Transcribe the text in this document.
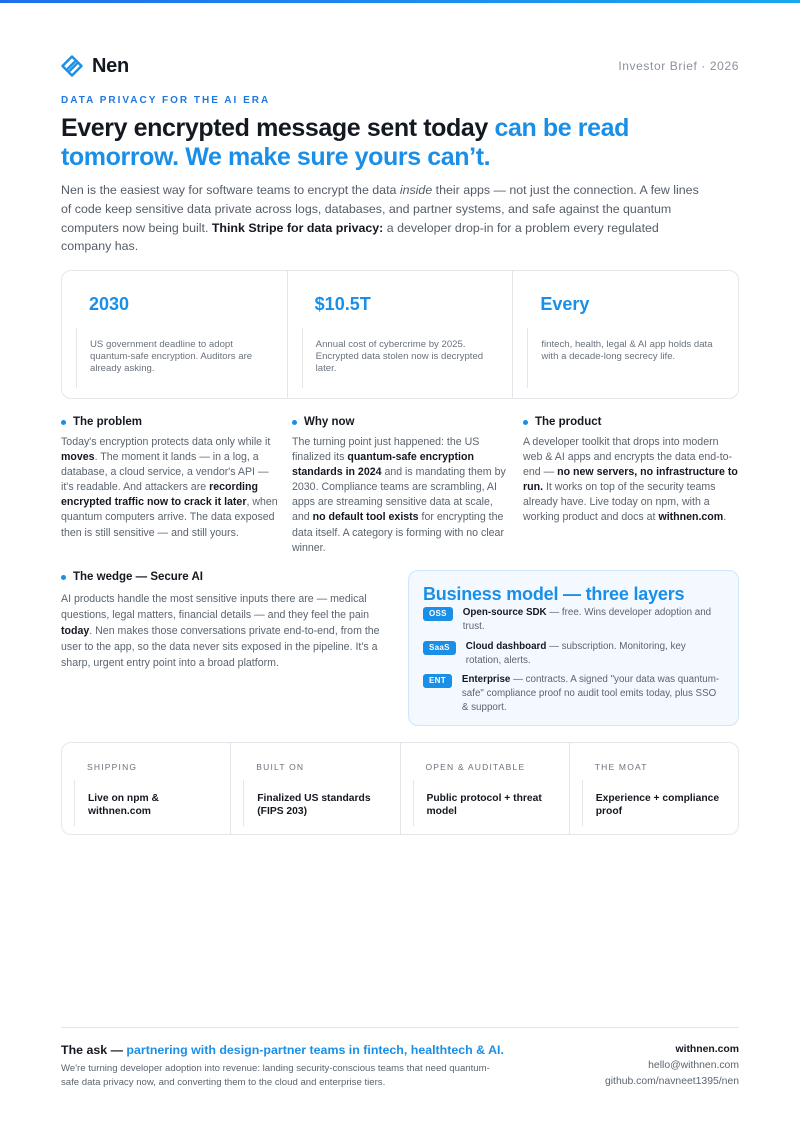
Nen	Investor Brief · 2026
DATA PRIVACY FOR THE AI ERA
Every encrypted message sent today can be read tomorrow. We make sure yours can’t.

Nen is the easiest way for software teams to encrypt the data inside their apps — not just the connection. A few lines of code keep sensitive data private across logs, databases, and partner systems, and safe against the quantum computers now being built. Think Stripe for data privacy: a developer drop-in for a problem every regulated company has.

2030
US government deadline to adopt quantum-safe encryption. Auditors are already asking.
$10.5T
Annual cost of cybercrime by 2025. Encrypted data stolen now is decrypted later.
Every
fintech, health, legal & AI app holds data with a decade-long secrecy life.
The problem

Today's encryption protects data only while it moves. The moment it lands — in a log, a database, a cloud service, a vendor's API — it's readable. And attackers are recording encrypted traffic now to crack it later, when quantum computers arrive. The data exposed then is still sensitive — and still yours.

Why now

The turning point just happened: the US finalized its quantum-safe encryption standards in 2024 and is mandating them by 2030. Compliance teams are scrambling, AI apps are streaming sensitive data at scale, and no default tool exists for encrypting the data itself. A category is forming with no clear winner.

The product

A developer toolkit that drops into modern web & AI apps and encrypts the data end-to-end — no new servers, no infrastructure to run. It works on top of the security teams already have. Live today on npm, with a working product and docs at withnen.com.

The wedge — Secure AI

AI products handle the most sensitive inputs there are — medical questions, legal matters, financial details — and they feel the pain today. Nen makes those conversations private end-to-end, from the user to the app, so the data never sits exposed in the pipeline. It's a sharp, urgent entry point into a broad platform.

Business model — three layers
OSS	Open-source SDK — free. Wins developer adoption and trust.
SaaS	Cloud dashboard — subscription. Monitoring, key rotation, alerts.
ENT	Enterprise — contracts. A signed "your data was quantum-safe" compliance proof no audit tool emits today, plus SSO & support.
SHIPPING
Live on npm & withnen.com
BUILT ON
Finalized US standards (FIPS 203)
OPEN & AUDITABLE
Public protocol + threat model
THE MOAT
Experience + compliance proof
The ask — partnering with design-partner teams in fintech, healthtech & AI.

We're turning developer adoption into revenue: landing security-conscious teams that need quantum-safe data privacy now, and converting them to the cloud and enterprise tiers.

withnen.com
hello@withnen.com
github.com/navneet1395/nen
